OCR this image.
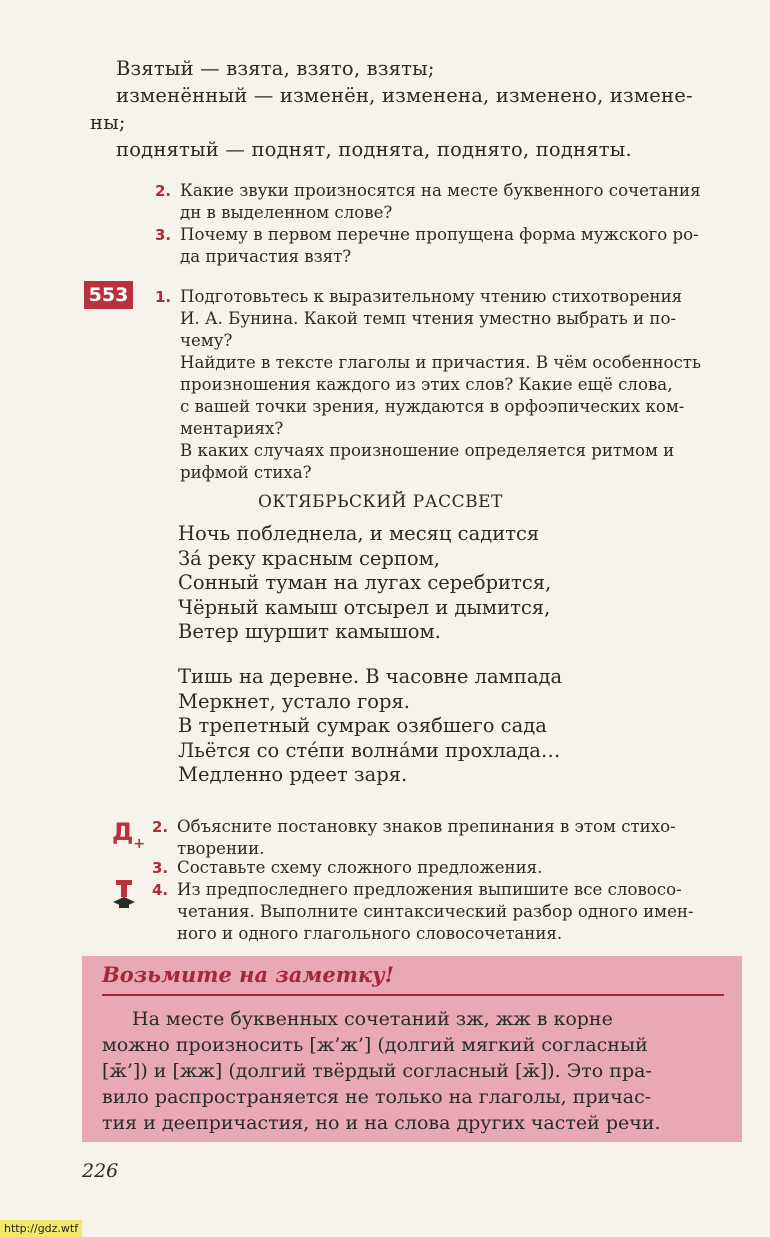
Взятый — взята, взято, взяты;
изменённый — изменён, изменена, изменено, измене-
ны;
поднятый — поднят, поднята, поднято, подняты.
2. Какие звуки произносятся на месте буквенного сочетания
дн в выделенном слове?
3. Почему в первом перечне пропущена форма мужского ро-
да причастия взят?
553	1. Подготовьтесь к выразительному чтению стихотворения
И. А. Бунина. Какой темп чтения уместно выбрать и по-
чему?
Найдите в тексте глаголы и причастия. В чём особенность
произношения каждого из этих слов? Какие ещё слова,
с вашей точки зрения, нуждаются в орфоэпических ком-
ментариях?
В каких случаях произношение определяется ритмом и
рифмой стиха?
ОКТЯБРЬСКИЙ РАССВЕТ
Ночь побледнела, и месяц садится
За́ реку красным серпом,
Сонный туман на лугах серебрится,
Чёрный камыш отсырел и дымится,
Ветер шуршит камышом.
Тишь на деревне. В часовне лампада
Меркнет, устало горя.
В трепетный сумрак озябшего сада
Льётся со сте́пи волна́ми прохлада…
Медленно рдеет заря.
$Д_+$
2. Объясните постановку знаков препинания в этом стихо-
творении.
3. Составьте схему сложного предложения.
4. Из предпоследнего предложения выпишите все словосо-
четания. Выполните синтаксический разбор одного имен-
ного и одного глагольного словосочетания.
Возьмите на заметку!
На месте буквенных сочетаний зж, жж в корне
можно произносить [ж’ж’] (долгий мягкий согласный
[ж̄’]) и [жж] (долгий твёрдый согласный [ж̄]). Это пра-
вило распространяется не только на глаголы, причас-
тия и деепричастия, но и на слова других частей речи.
226
http://gdz.wtf
